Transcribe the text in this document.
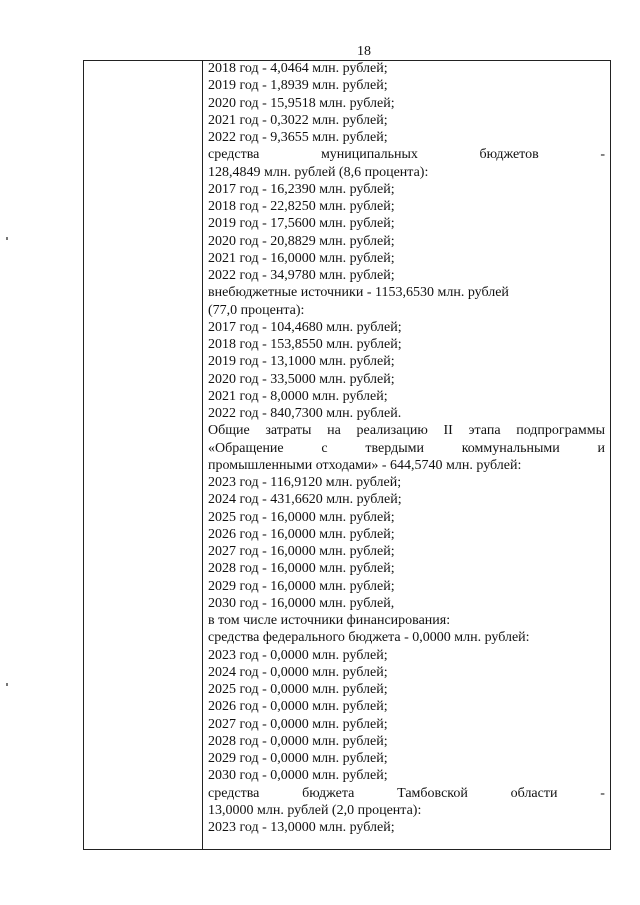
18
2018 год - 4,0464 млн. рублей;
2019 год - 1,8939 млн. рублей;
2020 год - 15,9518 млн. рублей;
2021 год - 0,3022 млн. рублей;
2022 год - 9,3655 млн. рублей;
средства	муниципальных	бюджетов	-
128,4849 млн. рублей (8,6 процента):
2017 год - 16,2390 млн. рублей;
2018 год - 22,8250 млн. рублей;
2019 год - 17,5600 млн. рублей;
2020 год - 20,8829 млн. рублей;
2021 год - 16,0000 млн. рублей;
2022 год - 34,9780 млн. рублей;
внебюджетные источники - 1153,6530 млн. рублей
(77,0 процента):
2017 год - 104,4680 млн. рублей;
2018 год - 153,8550 млн. рублей;
2019 год - 13,1000 млн. рублей;
2020 год - 33,5000 млн. рублей;
2021 год - 8,0000 млн. рублей;
2022 год - 840,7300 млн. рублей.
Общие затраты на реализацию II этапа подпрограммы
«Обращение	с	твердыми	коммунальными	и
промышленными отходами» - 644,5740 млн. рублей:
2023 год - 116,9120 млн. рублей;
2024 год - 431,6620 млн. рублей;
2025 год - 16,0000 млн. рублей;
2026 год - 16,0000 млн. рублей;
2027 год - 16,0000 млн. рублей;
2028 год - 16,0000 млн. рублей;
2029 год - 16,0000 млн. рублей;
2030 год - 16,0000 млн. рублей,
в том числе источники финансирования:
средства федерального бюджета - 0,0000 млн. рублей:
2023 год - 0,0000 млн. рублей;
2024 год - 0,0000 млн. рублей;
2025 год - 0,0000 млн. рублей;
2026 год - 0,0000 млн. рублей;
2027 год - 0,0000 млн. рублей;
2028 год - 0,0000 млн. рублей;
2029 год - 0,0000 млн. рублей;
2030 год - 0,0000 млн. рублей;
средства	бюджета	Тамбовской	области	-
13,0000 млн. рублей (2,0 процента):
2023 год - 13,0000 млн. рублей;
